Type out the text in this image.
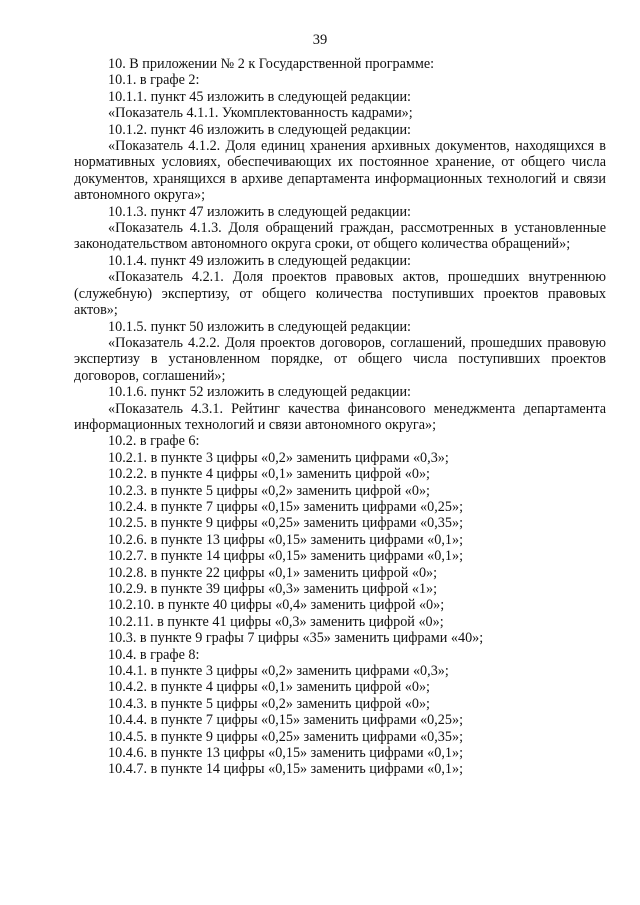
39

10. В приложении № 2 к Государственной программе:

10.1. в графе 2:

10.1.1. пункт 45 изложить в следующей редакции:

«Показатель 4.1.1. Укомплектованность кадрами»;

10.1.2. пункт 46 изложить в следующей редакции:

«Показатель 4.1.2. Доля единиц хранения архивных документов, находящихся в нормативных условиях, обеспечивающих их постоянное хранение, от общего числа документов, хранящихся в архиве департамента информационных технологий и связи автономного округа»;

10.1.3. пункт 47 изложить в следующей редакции:

«Показатель 4.1.3. Доля обращений граждан, рассмотренных в установленные законодательством автономного округа сроки, от общего количества обращений»;

10.1.4. пункт 49 изложить в следующей редакции:

«Показатель 4.2.1. Доля проектов правовых актов, прошедших внутреннюю (служебную) экспертизу, от общего количества поступивших проектов правовых актов»;

10.1.5. пункт 50 изложить в следующей редакции:

«Показатель 4.2.2. Доля проектов договоров, соглашений, прошедших правовую экспертизу в установленном порядке, от общего числа поступивших проектов договоров, соглашений»;

10.1.6. пункт 52 изложить в следующей редакции:

«Показатель 4.3.1. Рейтинг качества финансового менеджмента департамента информационных технологий и связи автономного округа»;

10.2. в графе 6:

10.2.1. в пункте 3 цифры «0,2» заменить цифрами «0,3»;

10.2.2. в пункте 4 цифры «0,1» заменить цифрой «0»;

10.2.3. в пункте 5 цифры «0,2» заменить цифрой «0»;

10.2.4. в пункте 7 цифры «0,15» заменить цифрами «0,25»;

10.2.5. в пункте 9 цифры «0,25» заменить цифрами «0,35»;

10.2.6. в пункте 13 цифры «0,15» заменить цифрами «0,1»;

10.2.7. в пункте 14 цифры «0,15» заменить цифрами «0,1»;

10.2.8. в пункте 22 цифры «0,1» заменить цифрой «0»;

10.2.9. в пункте 39 цифры «0,3» заменить цифрой «1»;

10.2.10. в пункте 40 цифры «0,4» заменить цифрой «0»;

10.2.11. в пункте 41 цифры «0,3» заменить цифрой «0»;

10.3. в пункте 9 графы 7 цифры «35» заменить цифрами «40»;

10.4. в графе 8:

10.4.1. в пункте 3 цифры «0,2» заменить цифрами «0,3»;

10.4.2. в пункте 4 цифры «0,1» заменить цифрой «0»;

10.4.3. в пункте 5 цифры «0,2» заменить цифрой «0»;

10.4.4. в пункте 7 цифры «0,15» заменить цифрами «0,25»;

10.4.5. в пункте 9 цифры «0,25» заменить цифрами «0,35»;

10.4.6. в пункте 13 цифры «0,15» заменить цифрами «0,1»;

10.4.7. в пункте 14 цифры «0,15» заменить цифрами «0,1»;
